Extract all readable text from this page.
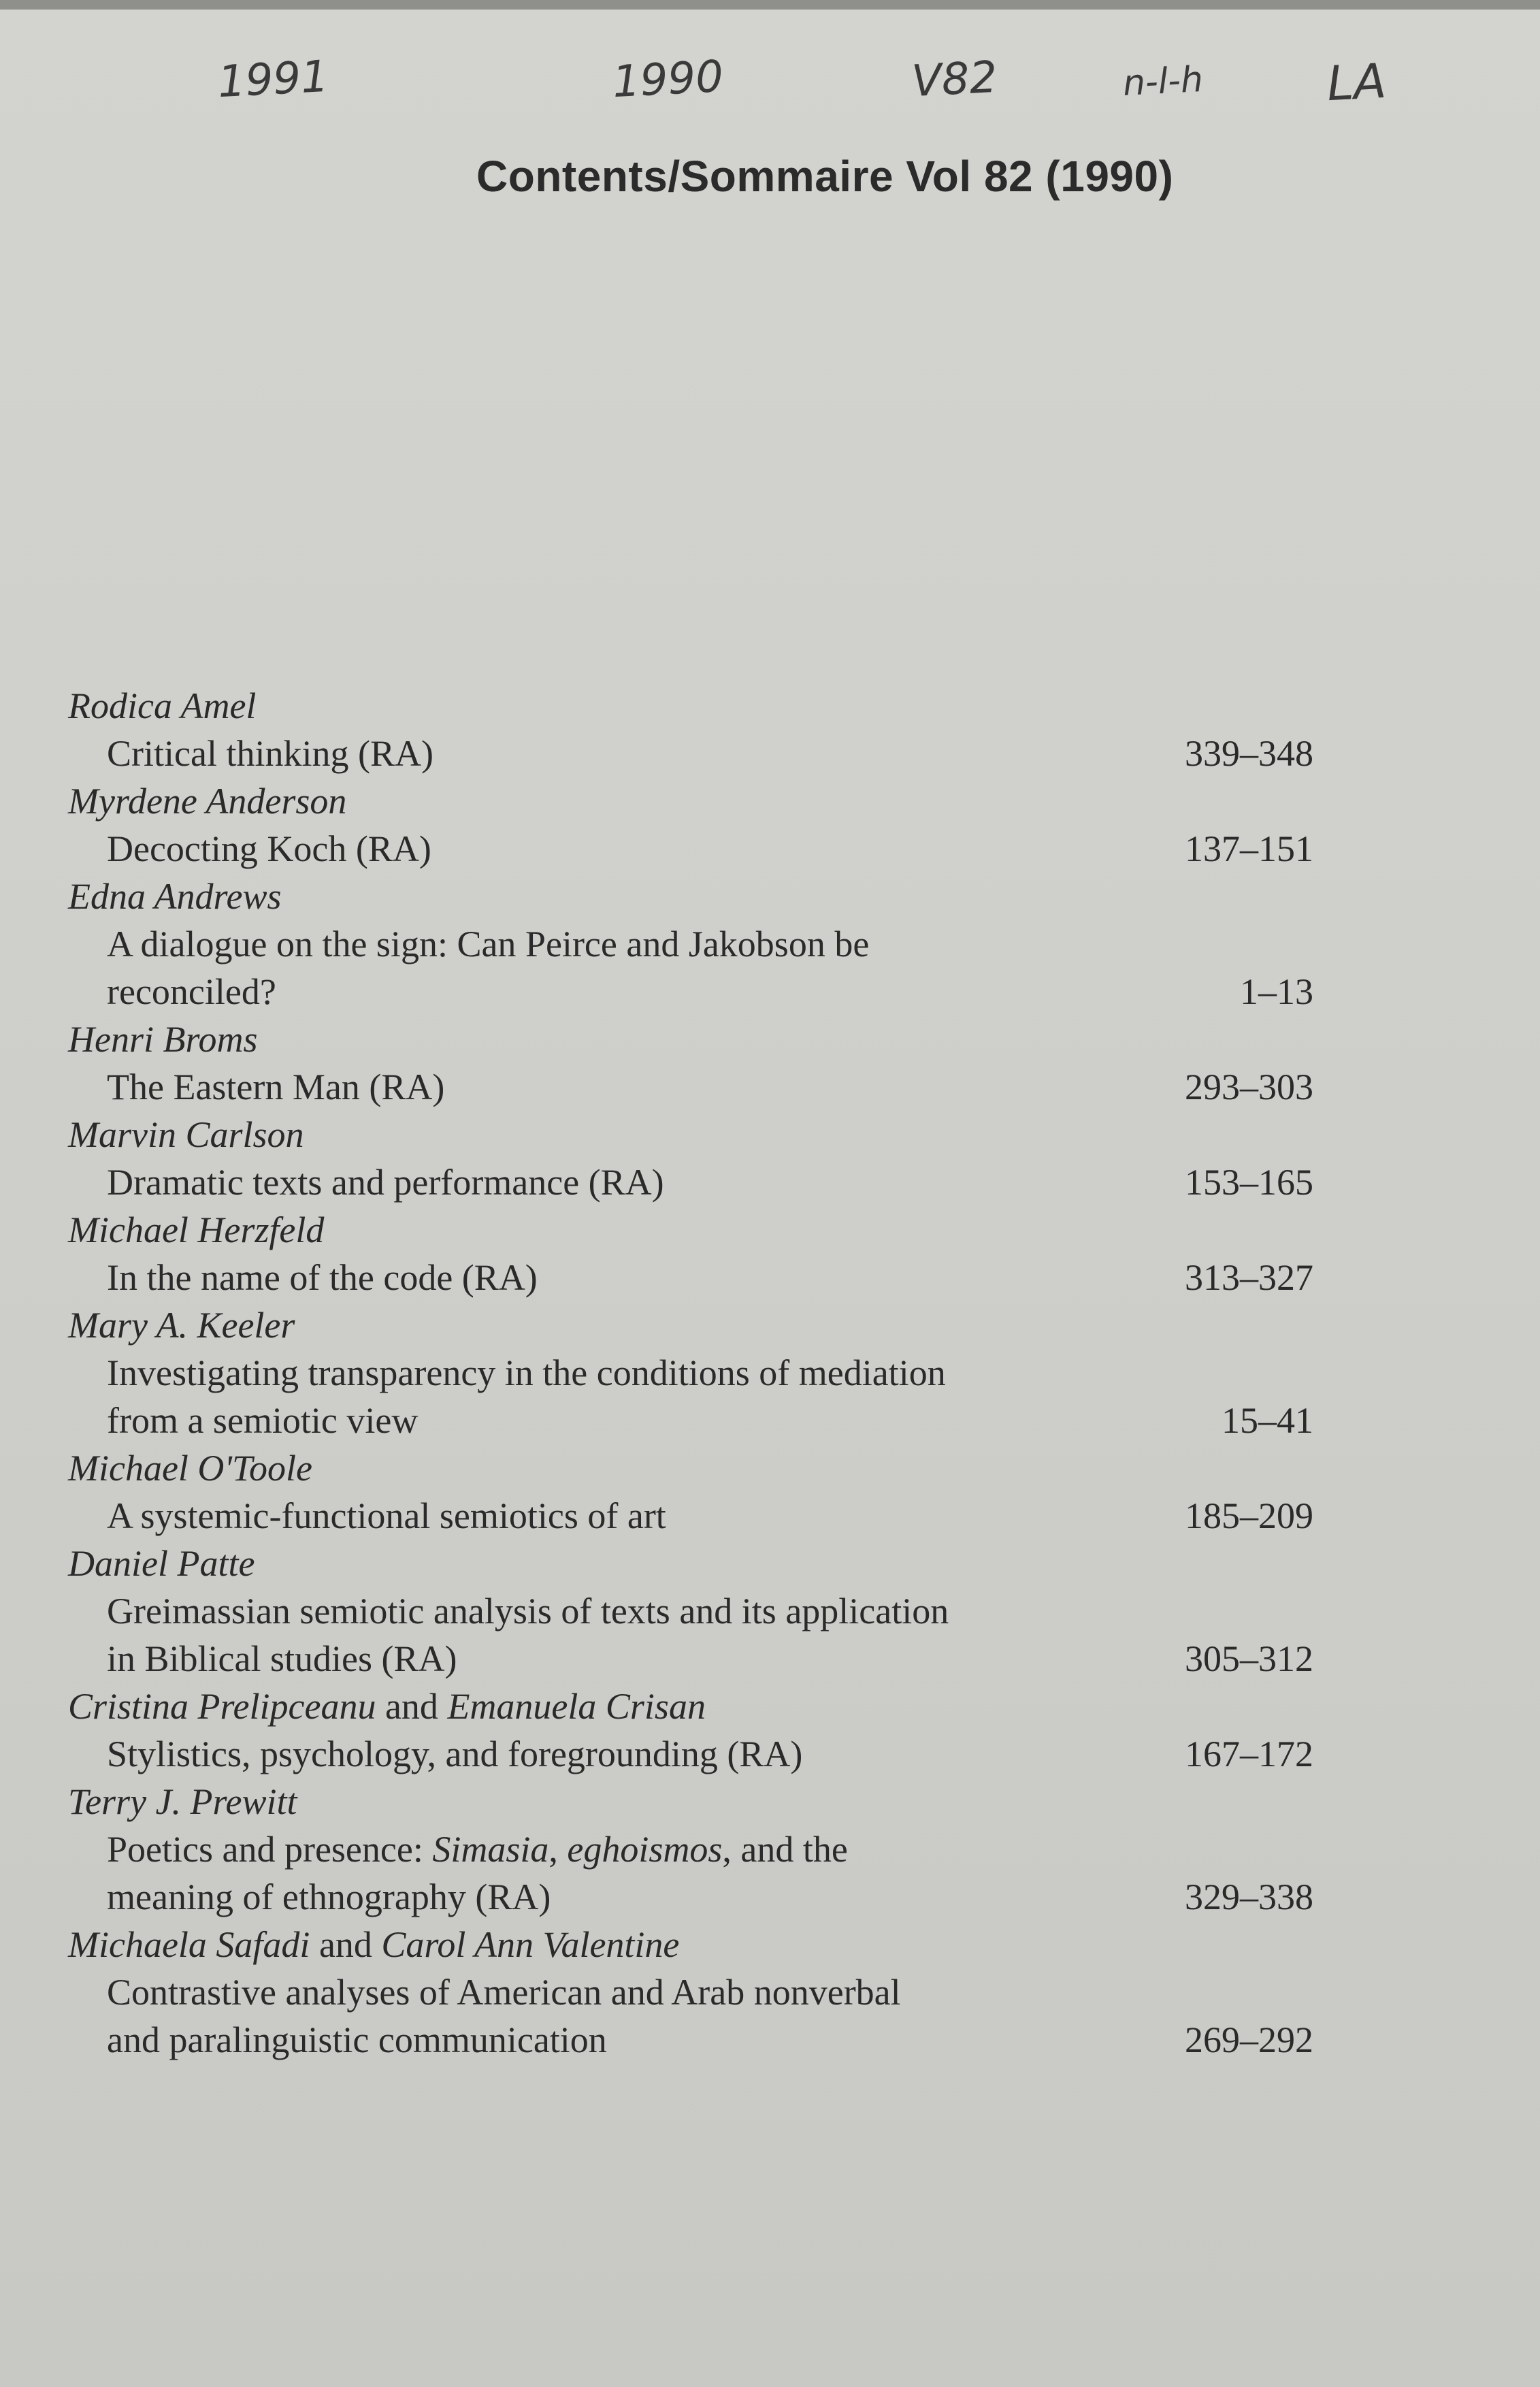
1991	1990	V82	n-l-h	LA
Contents/Sommaire Vol 82 (1990)
Rodica Amel
Critical thinking (RA)	339–348
Myrdene Anderson
Decocting Koch (RA)	137–151
Edna Andrews
A dialogue on the sign: Can Peirce and Jakobson be
reconciled?	1–13
Henri Broms
The Eastern Man (RA)	293–303
Marvin Carlson
Dramatic texts and performance (RA)	153–165
Michael Herzfeld
In the name of the code (RA)	313–327
Mary A. Keeler
Investigating transparency in the conditions of mediation
from a semiotic view	15–41
Michael O'Toole
A systemic-functional semiotics of art	185–209
Daniel Patte
Greimassian semiotic analysis of texts and its application
in Biblical studies (RA)	305–312
Cristina Prelipceanu and Emanuela Crisan
Stylistics, psychology, and foregrounding (RA)	167–172
Terry J. Prewitt
Poetics and presence: Simasia, eghoismos, and the
meaning of ethnography (RA)	329–338
Michaela Safadi and Carol Ann Valentine
Contrastive analyses of American and Arab nonverbal
and paralinguistic communication	269–292
